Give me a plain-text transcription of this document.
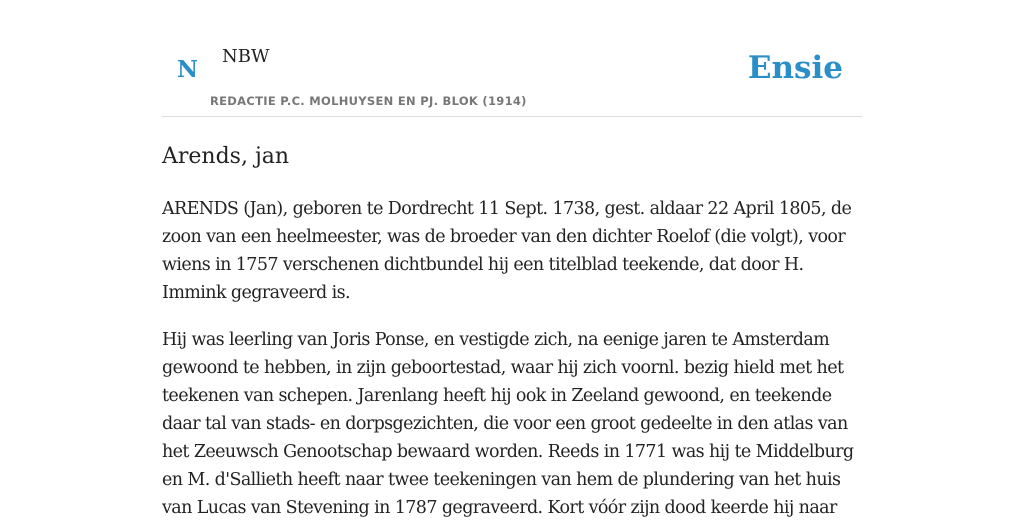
N NBW
REDACTIE P.C. MOLHUYSEN EN PJ. BLOK (1914)
Ensie
Arends, jan

ARENDS (Jan), geboren te Dordrecht 11 Sept. 1738, gest. aldaar 22 April 1805, de zoon van een heelmeester, was de broeder van den dichter Roelof (die volgt), voor wiens in 1757 verschenen dichtbundel hij een titelblad teekende, dat door H. Immink gegraveerd is.

Hij was leerling van Joris Ponse, en vestigde zich, na eenige jaren te Amsterdam gewoond te hebben, in zijn geboortestad, waar hij zich voornl. bezig hield met het teekenen van schepen. Jarenlang heeft hij ook in Zeeland gewoond, en teekende daar tal van stads- en dorpsgezichten, die voor een groot gedeelte in den atlas van het Zeeuwsch Genootschap bewaard worden. Reeds in 1771 was hij te Middelburg en M. d'Sallieth heeft naar twee teekeningen van hem de plundering van het huis van Lucas van Stevening in 1787 gegraveerd. Kort vóór zijn dood keerde hij naar
